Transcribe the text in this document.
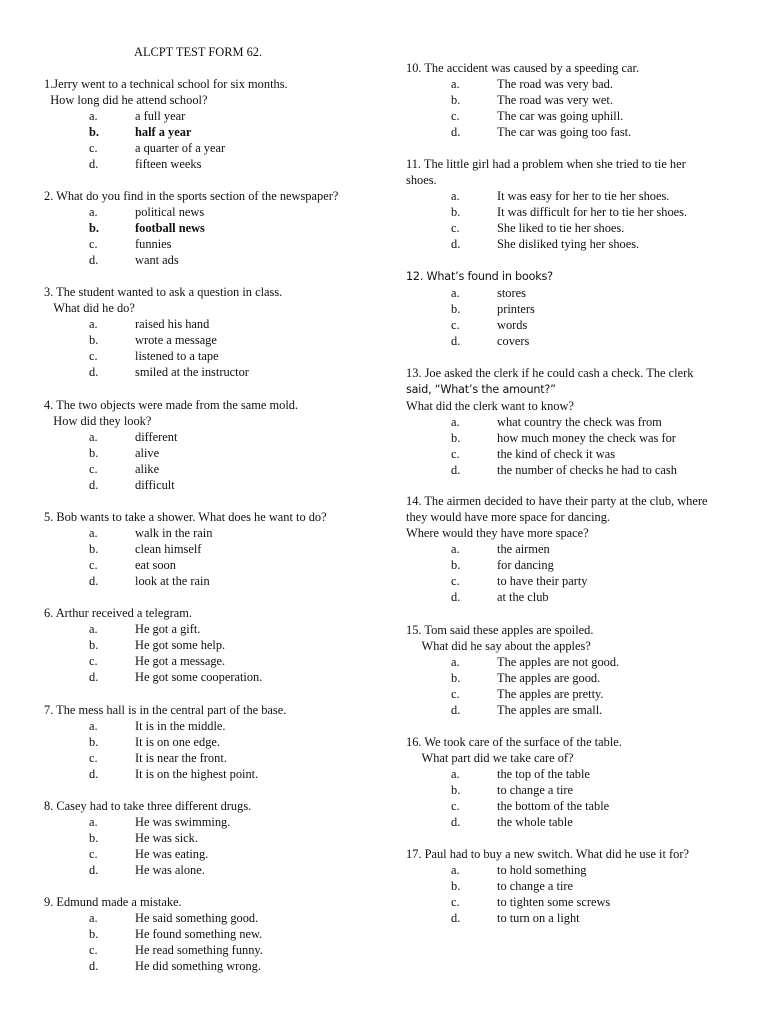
ALCPT TEST FORM 62.
1.Jerry went to a technical school for six months.
How long did he attend school?
a.	a full year
b.	half a year
c.	a quarter of a year
d.	fifteen weeks
2. What do you find in the sports section of the newspaper?
a.	political news
b.	football news
c.	funnies
d.	want ads
3. The student wanted to ask a question in class.
What did he do?
a.	raised his hand
b.	wrote a message
c.	listened to a tape
d.	smiled at the instructor
4. The two objects were made from the same mold.
How did they look?
a.	different
b.	alive
c.	alike
d.	difficult
5. Bob wants to take a shower. What does he want to do?
a.	walk in the rain
b.	clean himself
c.	eat soon
d.	look at the rain
6. Arthur received a telegram.
a.	He got a gift.
b.	He got some help.
c.	He got a message.
d.	He got some cooperation.
7. The mess hall is in the central part of the base.
a.	It is in the middle.
b.	It is on one edge.
c.	It is near the front.
d.	It is on the highest point.
8. Casey had to take three different drugs.
a.	He was swimming.
b.	He was sick.
c.	He was eating.
d.	He was alone.
9. Edmund made a mistake.
a.	He said something good.
b.	He found something new.
c.	He read something funny.
d.	He did something wrong.
10. The accident was caused by a speeding car.
a.	The road was very bad.
b.	The road was very wet.
c.	The car was going uphill.
d.	The car was going too fast.
11. The little girl had a problem when she tried to tie her
shoes.
a.	It was easy for her to tie her shoes.
b.	It was difficult for her to tie her shoes.
c.	She liked to tie her shoes.
d.	She disliked tying her shoes.
12. What’s found in books?
a.	stores
b.	printers
c.	words
d.	covers
13. Joe asked the clerk if he could cash a check. The clerk
said, “What’s the amount?”
What did the clerk want to know?
a.	what country the check was from
b.	how much money the check was for
c.	the kind of check it was
d.	the number of checks he had to cash
14. The airmen decided to have their party at the club, where
they would have more space for dancing.
Where would they have more space?
a.	the airmen
b.	for dancing
c.	to have their party
d.	at the club
15. Tom said these apples are spoiled.
What did he say about the apples?
a.	The apples are not good.
b.	The apples are good.
c.	The apples are pretty.
d.	The apples are small.
16. We took care of the surface of the table.
What part did we take care of?
a.	the top of the table
b.	to change a tire
c.	the bottom of the table
d.	the whole table
17. Paul had to buy a new switch. What did he use it for?
a.	to hold something
b.	to change a tire
c.	to tighten some screws
d.	to turn on a light
